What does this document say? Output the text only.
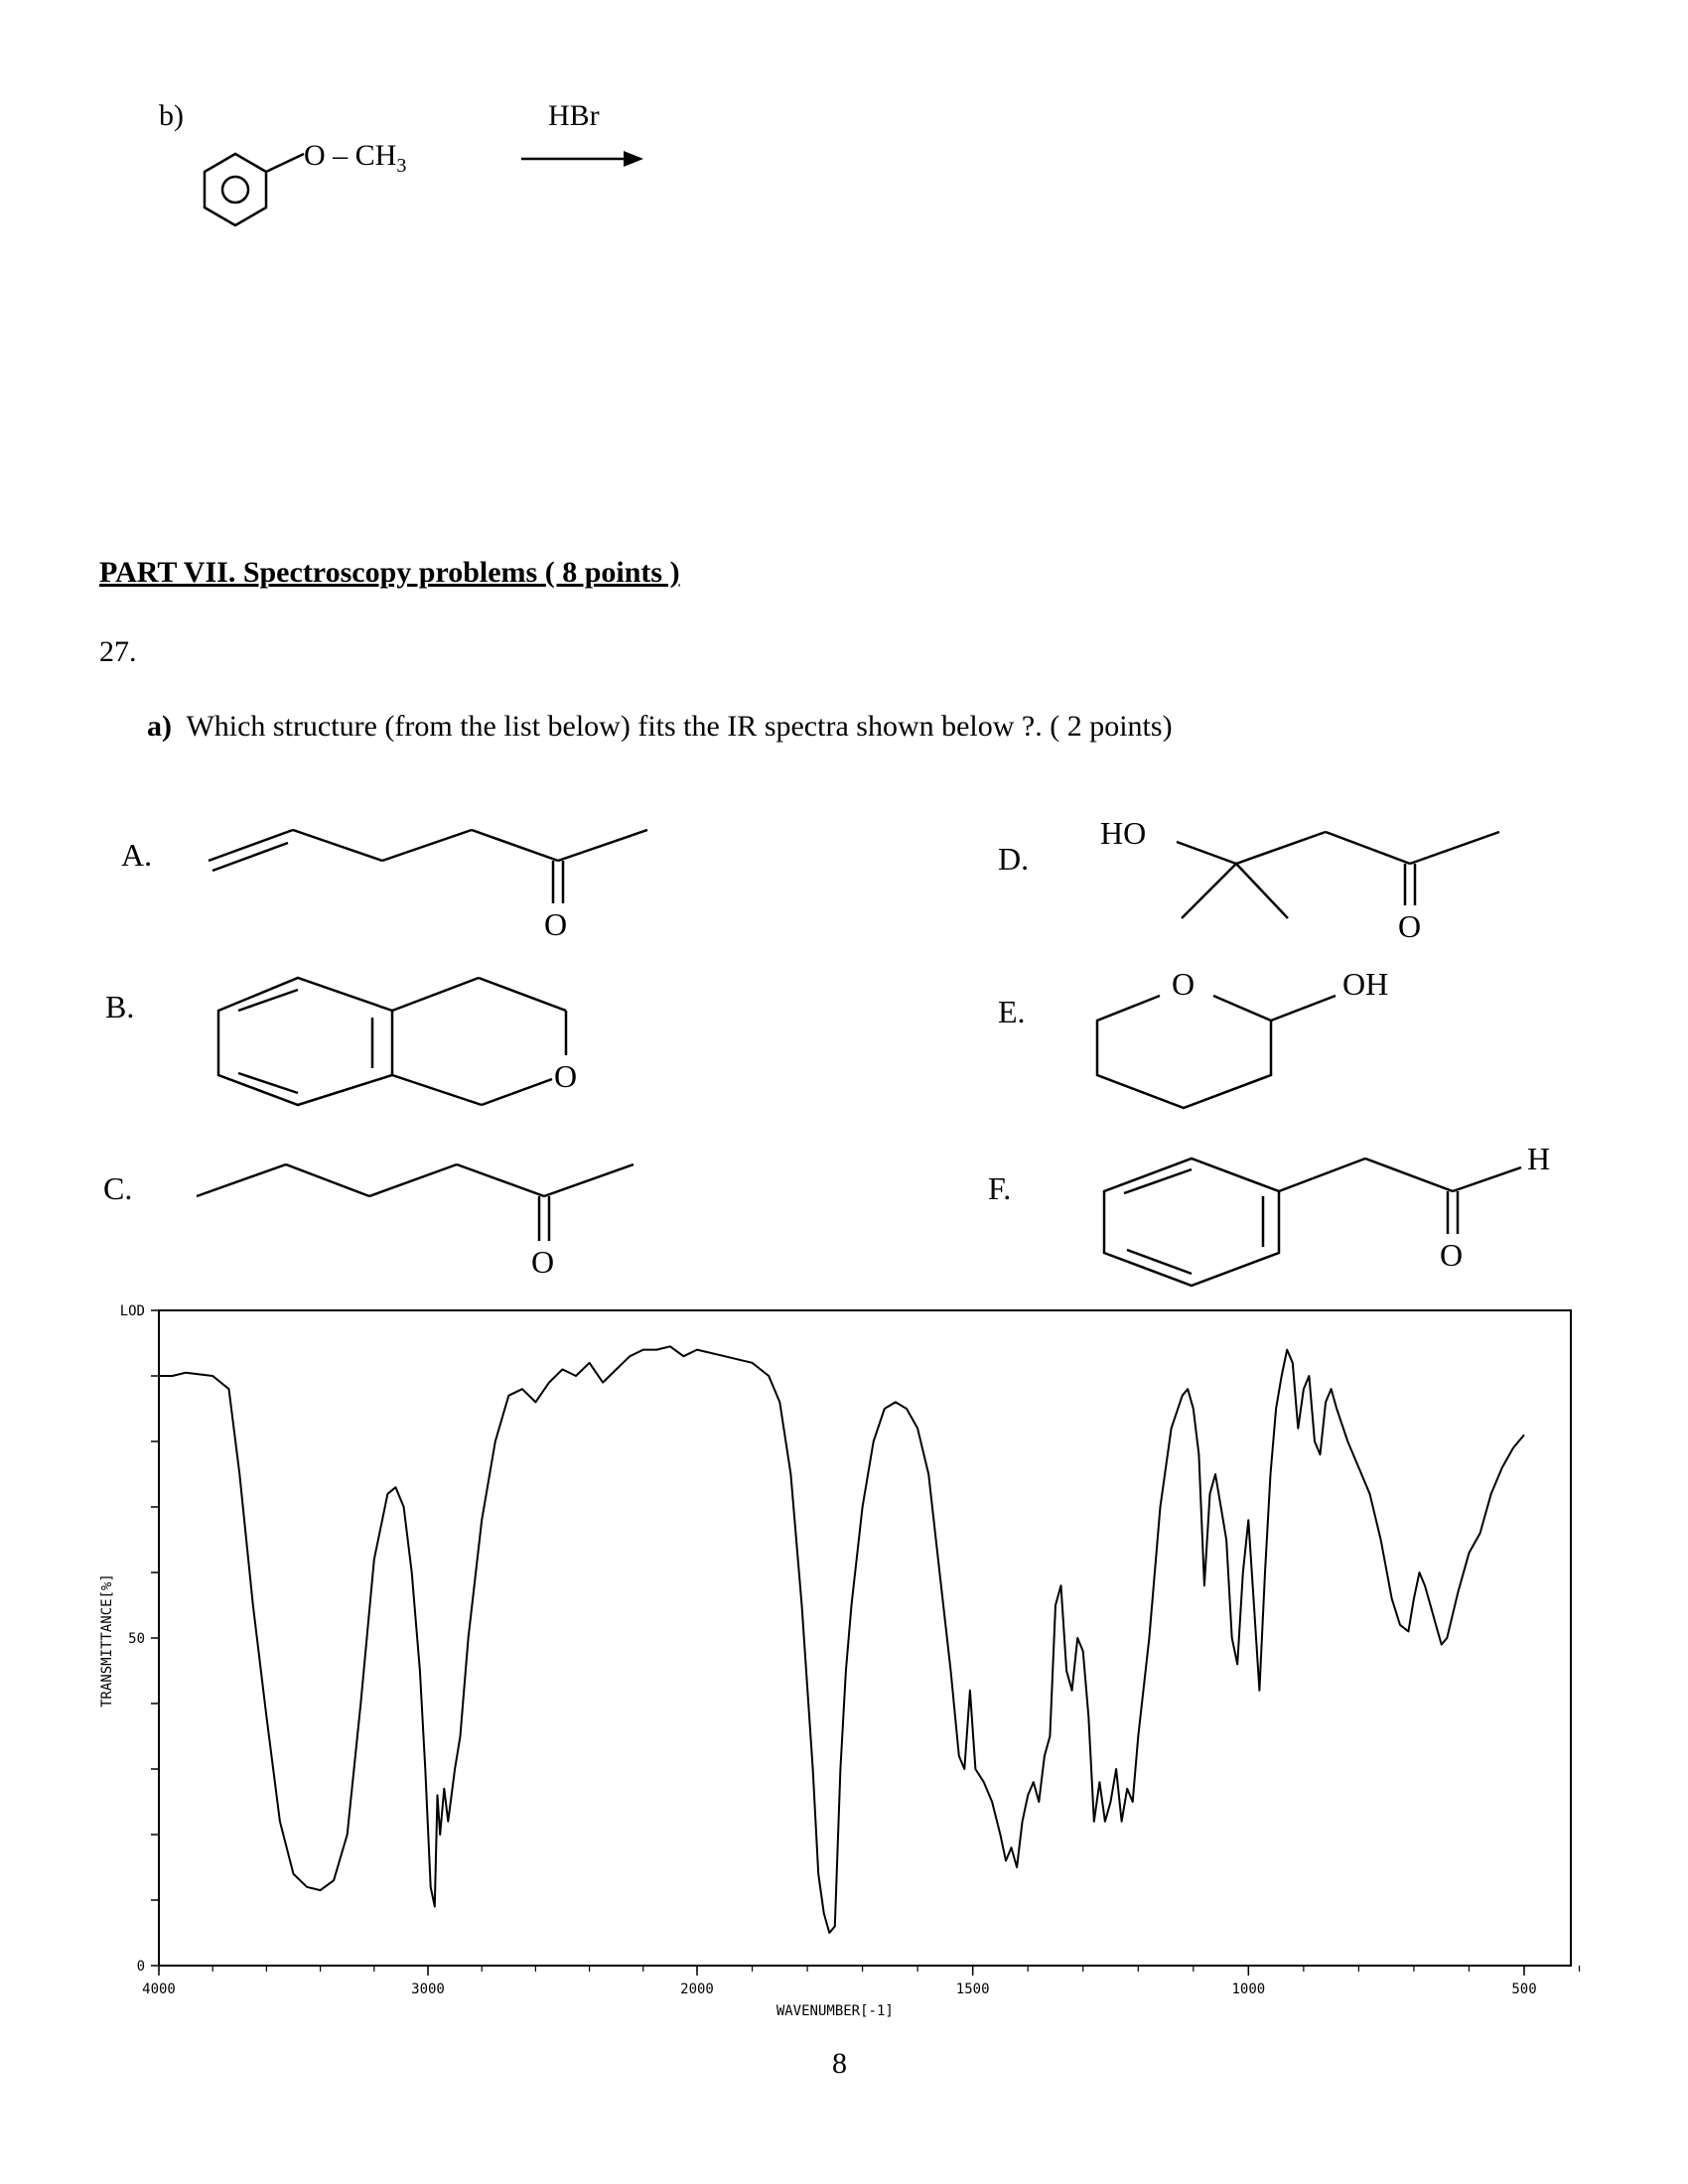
b)
O
O
O
HO
O
O	OH
H
O
A.
B.
C.
D.
E.
F.
0
50
LOD
4000	3000	2000	1500	1000	500
TRANSMITTANCE[%]
WAVENUMBER[-1]
O – $CH_3$
HBr
PART VII. Spectroscopy problems ( 8 points )
27.
a) Which structure (from the list below) fits the IR spectra shown below ?. ( 2 points)
8
